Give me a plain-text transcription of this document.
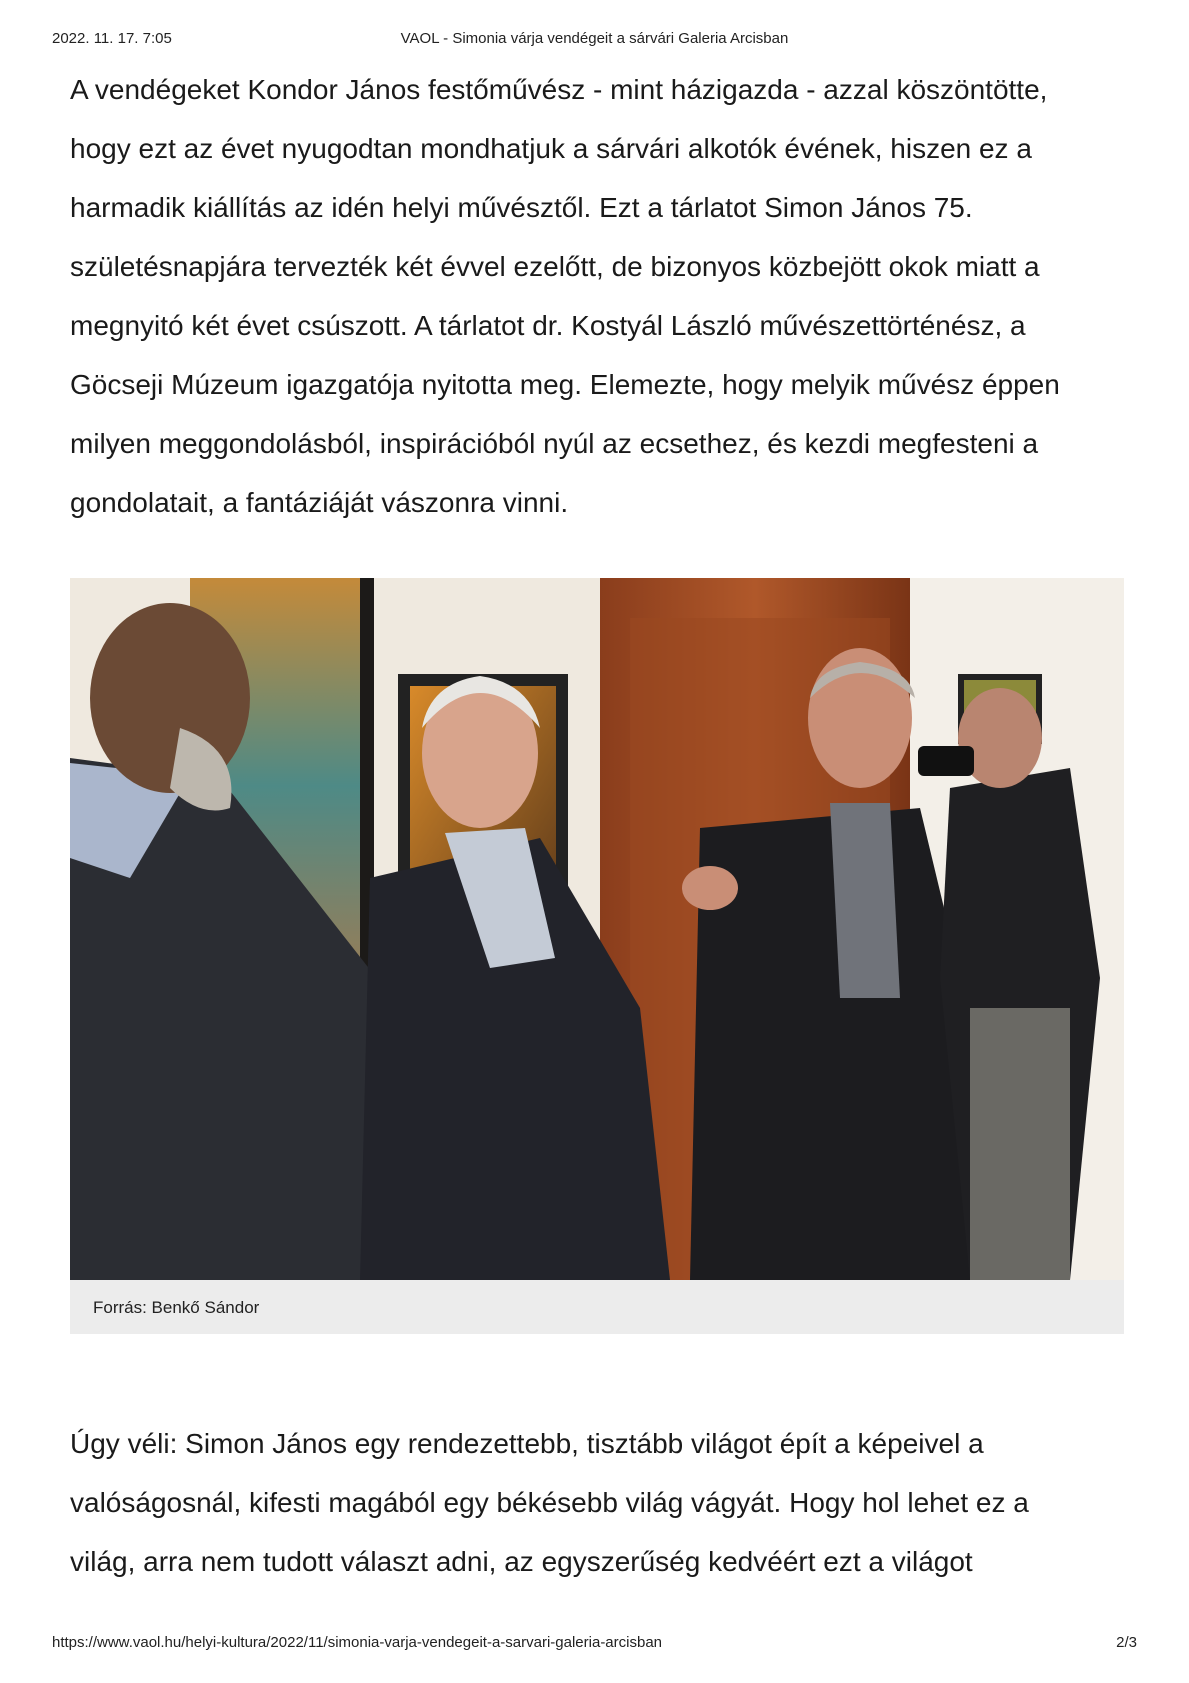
2022. 11. 17. 7:05	VAOL - Simonia várja vendégeit a sárvári Galeria Arcisban
A vendégeket Kondor János festőművész - mint házigazda - azzal köszöntötte,
hogy ezt az évet nyugodtan mondhatjuk a sárvári alkotók évének, hiszen ez a
harmadik kiállítás az idén helyi művésztől. Ezt a tárlatot Simon János 75.
születésnapjára tervezték két évvel ezelőtt, de bizonyos közbejött okok miatt a
megnyitó két évet csúszott. A tárlatot dr. Kostyál László művészettörténész, a
Göcseji Múzeum igazgatója nyitotta meg. Elemezte, hogy melyik művész éppen
milyen meggondolásból, inspirációból nyúl az ecsethez, és kezdi megfesteni a
gondolatait, a fantáziáját vászonra vinni.
Forrás: Benkő Sándor
Úgy véli: Simon János egy rendezettebb, tisztább világot épít a képeivel a
valóságosnál, kifesti magából egy békésebb világ vágyát. Hogy hol lehet ez a
világ, arra nem tudott választ adni, az egyszerűség kedvéért ezt a világot
https://www.vaol.hu/helyi-kultura/2022/11/simonia-varja-vendegeit-a-sarvari-galeria-arcisban	2/3
